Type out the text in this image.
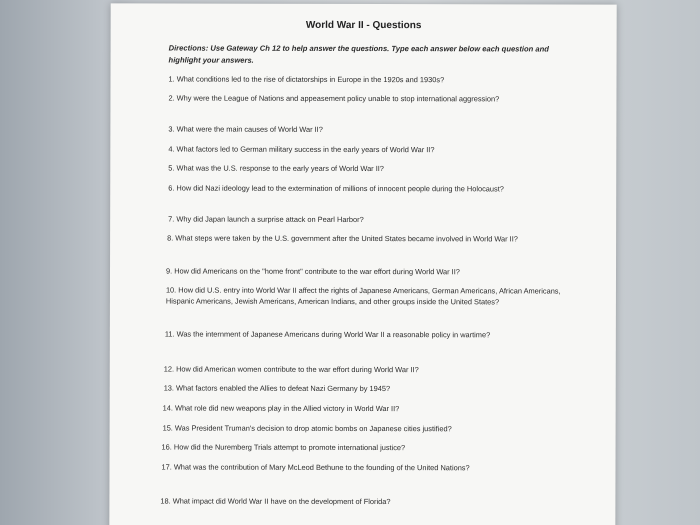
World War II - Questions
Directions: Use Gateway Ch 12 to help answer the questions. Type each answer below each question and highlight your answers.
1. What conditions led to the rise of dictatorships in Europe in the 1920s and 1930s?
2. Why were the League of Nations and appeasement policy unable to stop international aggression?
3. What were the main causes of World War II?
4. What factors led to German military success in the early years of World War II?
5. What was the U.S. response to the early years of World War II?
6. How did Nazi ideology lead to the extermination of millions of innocent people during the Holocaust?
7. Why did Japan launch a surprise attack on Pearl Harbor?
8. What steps were taken by the U.S. government after the United States became involved in World War II?
9. How did Americans on the "home front" contribute to the war effort during World War II?
10. How did U.S. entry into World War II affect the rights of Japanese Americans, German Americans, African Americans, Hispanic Americans, Jewish Americans, American Indians, and other groups inside the United States?
11. Was the internment of Japanese Americans during World War II a reasonable policy in wartime?
12. How did American women contribute to the war effort during World War II?
13. What factors enabled the Allies to defeat Nazi Germany by 1945?
14. What role did new weapons play in the Allied victory in World War II?
15. Was President Truman's decision to drop atomic bombs on Japanese cities justified?
16. How did the Nuremberg Trials attempt to promote international justice?
17. What was the contribution of Mary McLeod Bethune to the founding of the United Nations?
18. What impact did World War II have on the development of Florida?
